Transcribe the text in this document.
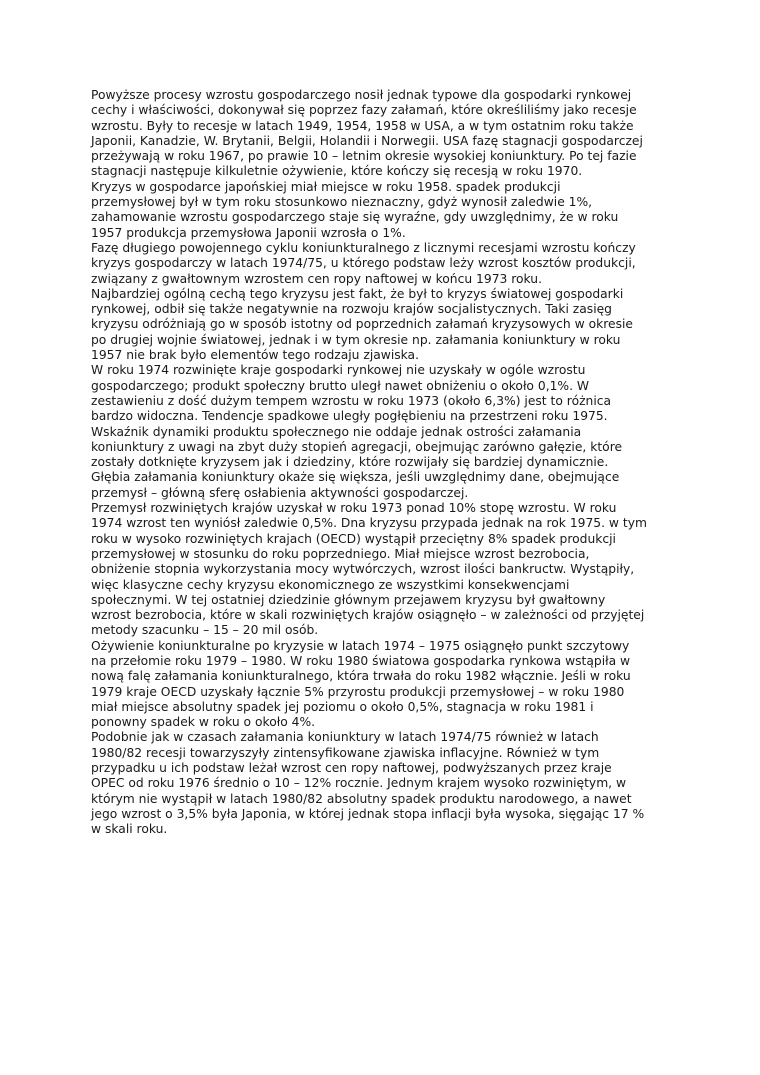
Powyższe procesy wzrostu gospodarczego nosił jednak typowe dla gospodarki rynkowej
cechy i właściwości, dokonywał się poprzez fazy załamań, które określiliśmy jako recesje
wzrostu. Były to recesje w latach 1949, 1954, 1958 w USA, a w tym ostatnim roku także
Japonii, Kanadzie, W. Brytanii, Belgii, Holandii i Norwegii. USA fazę stagnacji gospodarczej
przeżywają w roku 1967, po prawie 10 – letnim okresie wysokiej koniunktury. Po tej fazie
stagnacji następuje kilkuletnie ożywienie, które kończy się recesją w roku 1970.
Kryzys w gospodarce japońskiej miał miejsce w roku 1958. spadek produkcji
przemysłowej był w tym roku stosunkowo nieznaczny, gdyż wynosił zaledwie 1%,
zahamowanie wzrostu gospodarczego staje się wyraźne, gdy uwzględnimy, że w roku
1957 produkcja przemysłowa Japonii wzrosła o 1%.
Fazę długiego powojennego cyklu koniunkturalnego z licznymi recesjami wzrostu kończy
kryzys gospodarczy w latach 1974/75, u którego podstaw leży wzrost kosztów produkcji,
związany z gwałtownym wzrostem cen ropy naftowej w końcu 1973 roku.
Najbardziej ogólną cechą tego kryzysu jest fakt, że był to kryzys światowej gospodarki
rynkowej, odbił się także negatywnie na rozwoju krajów socjalistycznych. Taki zasięg
kryzysu odróżniają go w sposób istotny od poprzednich załamań kryzysowych w okresie
po drugiej wojnie światowej, jednak i w tym okresie np. załamania koniunktury w roku
1957 nie brak było elementów tego rodzaju zjawiska.
W roku 1974 rozwinięte kraje gospodarki rynkowej nie uzyskały w ogóle wzrostu
gospodarczego; produkt społeczny brutto uległ nawet obniżeniu o około 0,1%. W
zestawieniu z dość dużym tempem wzrostu w roku 1973 (około 6,3%) jest to różnica
bardzo widoczna. Tendencje spadkowe uległy pogłębieniu na przestrzeni roku 1975.
Wskaźnik dynamiki produktu społecznego nie oddaje jednak ostrości załamania
koniunktury z uwagi na zbyt duży stopień agregacji, obejmując zarówno gałęzie, które
zostały dotknięte kryzysem jak i dziedziny, które rozwijały się bardziej dynamicznie.
Głębia załamania koniunktury okaże się większa, jeśli uwzględnimy dane, obejmujące
przemysł – główną sferę osłabienia aktywności gospodarczej.
Przemysł rozwiniętych krajów uzyskał w roku 1973 ponad 10% stopę wzrostu. W roku
1974 wzrost ten wyniósł zaledwie 0,5%. Dna kryzysu przypada jednak na rok 1975. w tym
roku w wysoko rozwiniętych krajach (OECD) wystąpił przeciętny 8% spadek produkcji
przemysłowej w stosunku do roku poprzedniego. Miał miejsce wzrost bezrobocia,
obniżenie stopnia wykorzystania mocy wytwórczych, wzrost ilości bankructw. Wystąpiły,
więc klasyczne cechy kryzysu ekonomicznego ze wszystkimi konsekwencjami
społecznymi. W tej ostatniej dziedzinie głównym przejawem kryzysu był gwałtowny
wzrost bezrobocia, które w skali rozwiniętych krajów osiągnęło – w zależności od przyjętej
metody szacunku – 15 – 20 mil osób.
Ożywienie koniunkturalne po kryzysie w latach 1974 – 1975 osiągnęło punkt szczytowy
na przełomie roku 1979 – 1980. W roku 1980 światowa gospodarka rynkowa wstąpiła w
nową falę załamania koniunkturalnego, która trwała do roku 1982 włącznie. Jeśli w roku
1979 kraje OECD uzyskały łącznie 5% przyrostu produkcji przemysłowej – w roku 1980
miał miejsce absolutny spadek jej poziomu o około 0,5%, stagnacja w roku 1981 i
ponowny spadek w roku o około 4%.
Podobnie jak w czasach załamania koniunktury w latach 1974/75 również w latach
1980/82 recesji towarzyszyły zintensyfikowane zjawiska inflacyjne. Również w tym
przypadku u ich podstaw leżał wzrost cen ropy naftowej, podwyższanych przez kraje
OPEC od roku 1976 średnio o 10 – 12% rocznie. Jednym krajem wysoko rozwiniętym, w
którym nie wystąpił w latach 1980/82 absolutny spadek produktu narodowego, a nawet
jego wzrost o 3,5% była Japonia, w której jednak stopa inflacji była wysoka, sięgając 17 %
w skali roku.
